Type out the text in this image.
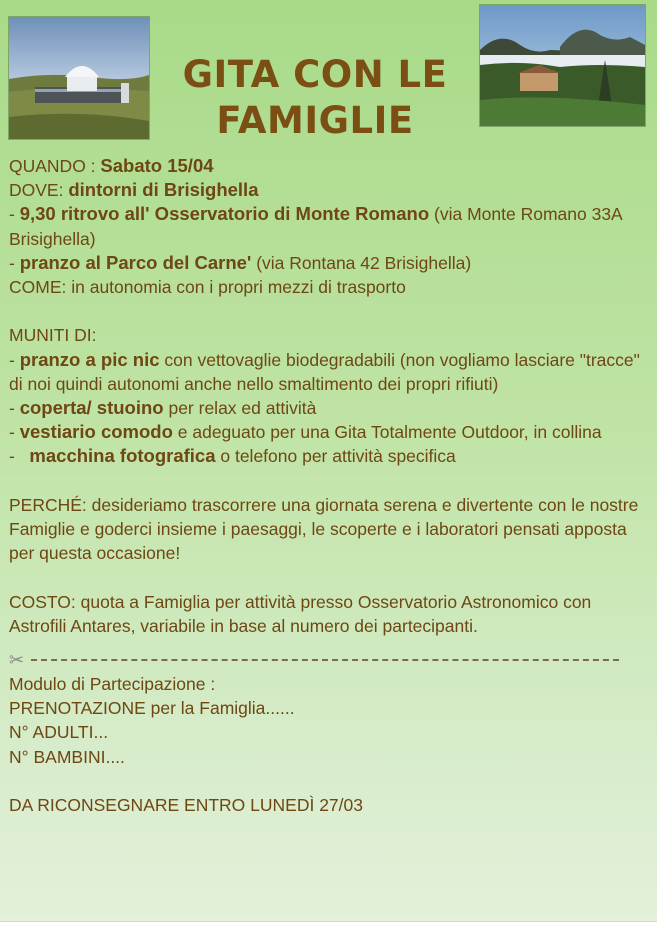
GITA CON LE
FAMIGLIE

QUANDO : Sabato 15/04

DOVE: dintorni di Brisighella

- 9,30 ritrovo all' Osservatorio di Monte Romano (via Monte Romano 33A Brisighella)

- pranzo al Parco del Carne' (via Rontana 42 Brisighella)

COME: in autonomia con i propri mezzi di trasporto

MUNITI DI:

- pranzo a pic nic con vettovaglie biodegradabili (non vogliamo lasciare "tracce" di noi quindi autonomi anche nello smaltimento dei propri rifiuti)

- coperta/ stuoino per relax ed attività

- vestiario comodo e adeguato per una Gita Totalmente Outdoor, in collina

-   macchina fotografica o telefono per attività specifica

PERCHÉ: desideriamo trascorrere una giornata serena e divertente con le nostre Famiglie e goderci insieme i paesaggi, le scoperte e i laboratori pensati apposta per questa occasione!

COSTO: quota a Famiglia per attività presso Osservatorio Astronomico con Astrofili Antares, variabile in base al numero dei partecipanti.

✂

Modulo di Partecipazione :

PRENOTAZIONE per la Famiglia......

N° ADULTI...

N° BAMBINI....

DA RICONSEGNARE ENTRO LUNEDÌ 27/03
